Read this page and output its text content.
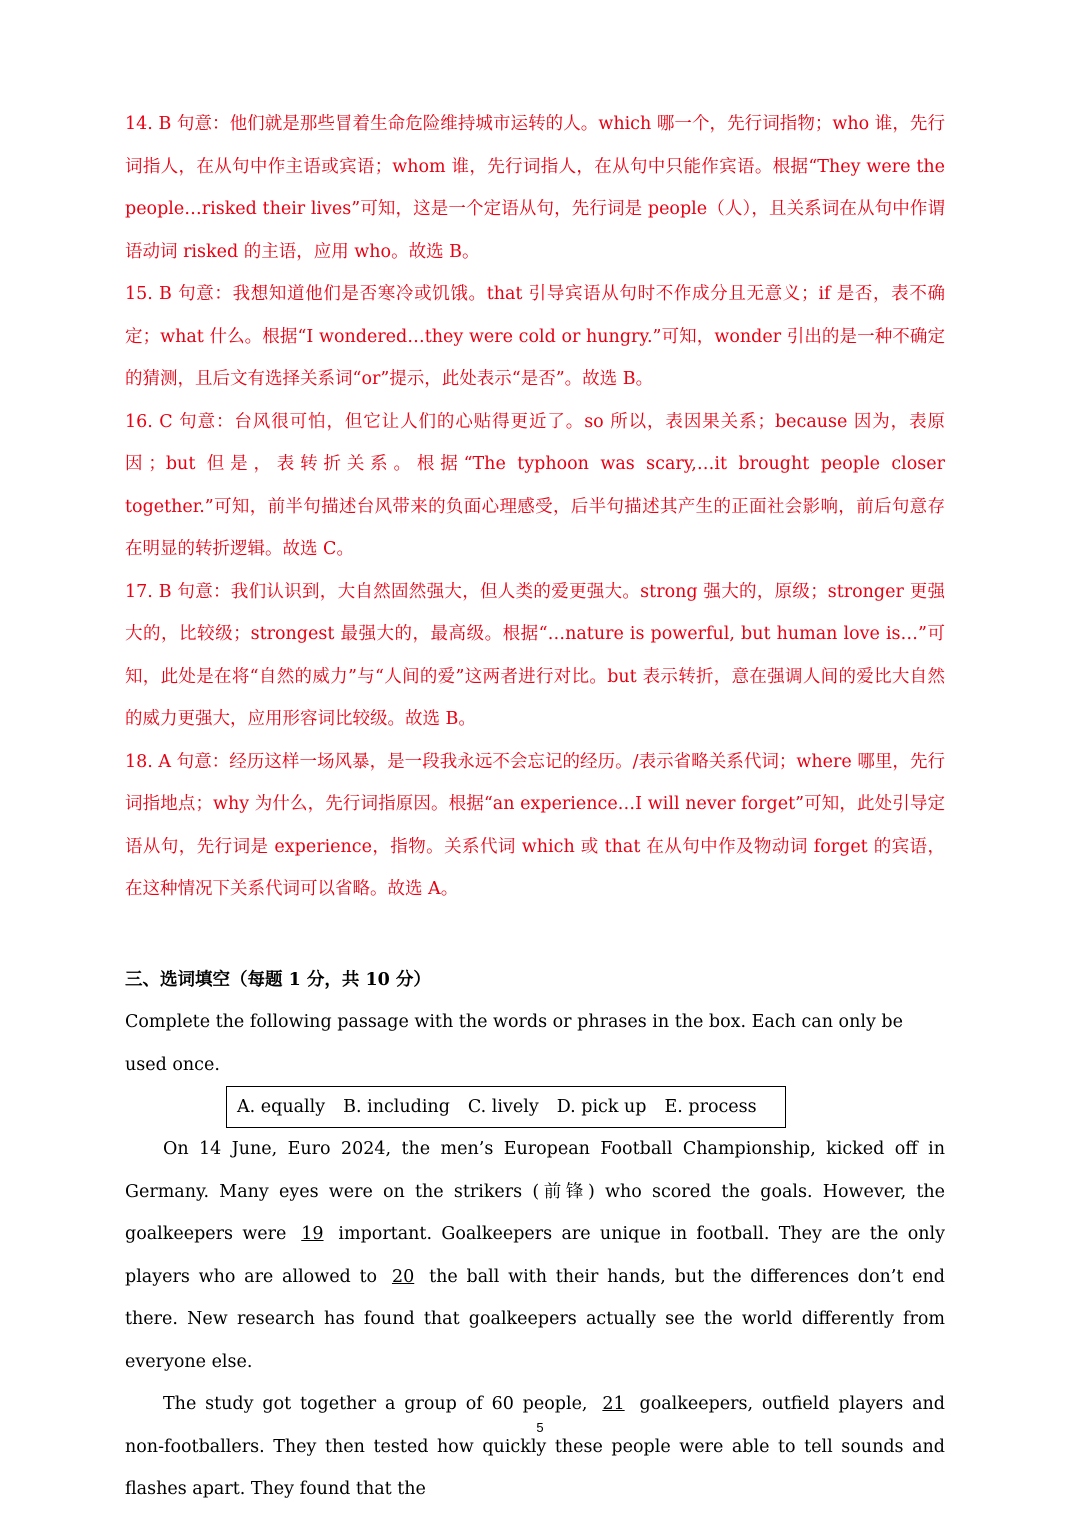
14. B 句意：他们就是那些冒着生命危险维持城市运转的人。which 哪一个，先行词指物；who 谁，先行词指人，在从句中作主语或宾语；whom 谁，先行词指人，在从句中只能作宾语。根据“They were the people…risked their lives”可知，这是一个定语从句，先行词是 people（人），且关系词在从句中作谓语动词 risked 的主语，应用 who。故选 B。

15. B 句意：我想知道他们是否寒冷或饥饿。that 引导宾语从句时不作成分且无意义；if 是否，表不确定；what 什么。根据“I wondered…they were cold or hungry.”可知，wonder 引出的是一种不确定的猜测，且后文有选择关系词“or”提示，此处表示“是否”。故选 B。

16. C 句意：台风很可怕，但它让人们的心贴得更近了。so 所以，表因果关系；because 因为，表原因；but 但是，表转折关系。根据“The typhoon was scary,…it brought people closer together.”可知，前半句描述台风带来的负面心理感受，后半句描述其产生的正面社会影响，前后句意存在明显的转折逻辑。故选 C。

17. B 句意：我们认识到，大自然固然强大，但人类的爱更强大。strong 强大的，原级；stronger 更强大的，比较级；strongest 最强大的，最高级。根据“…nature is powerful, but human love is…”可知，此处是在将“自然的威力”与“人间的爱”这两者进行对比。but 表示转折，意在强调人间的爱比大自然的威力更强大，应用形容词比较级。故选 B。

18. A 句意：经历这样一场风暴，是一段我永远不会忘记的经历。/表示省略关系代词；where 哪里，先行词指地点；why 为什么，先行词指原因。根据“an experience…I will never forget”可知，此处引导定语从句，先行词是 experience，指物。关系代词 which 或 that 在从句中作及物动词 forget 的宾语，在这种情况下关系代词可以省略。故选 A。

三、选词填空（每题 1 分，共 10 分）

Complete the following passage with the words or phrases in the box. Each can only be used once.

A. equally B. including C. lively D. pick up E. process

On 14 June, Euro 2024, the men’s European Football Championship, kicked off in Germany. Many eyes were on the strikers (前锋) who scored the goals. However, the goalkeepers were 19 important. Goalkeepers are unique in football. They are the only players who are allowed to 20 the ball with their hands, but the differences don’t end there. New research has found that goalkeepers actually see the world differently from everyone else.

The study got together a group of 60 people, 21 goalkeepers, outfield players and non-footballers. They then tested how quickly these people were able to tell sounds and flashes apart. They found that the

5
